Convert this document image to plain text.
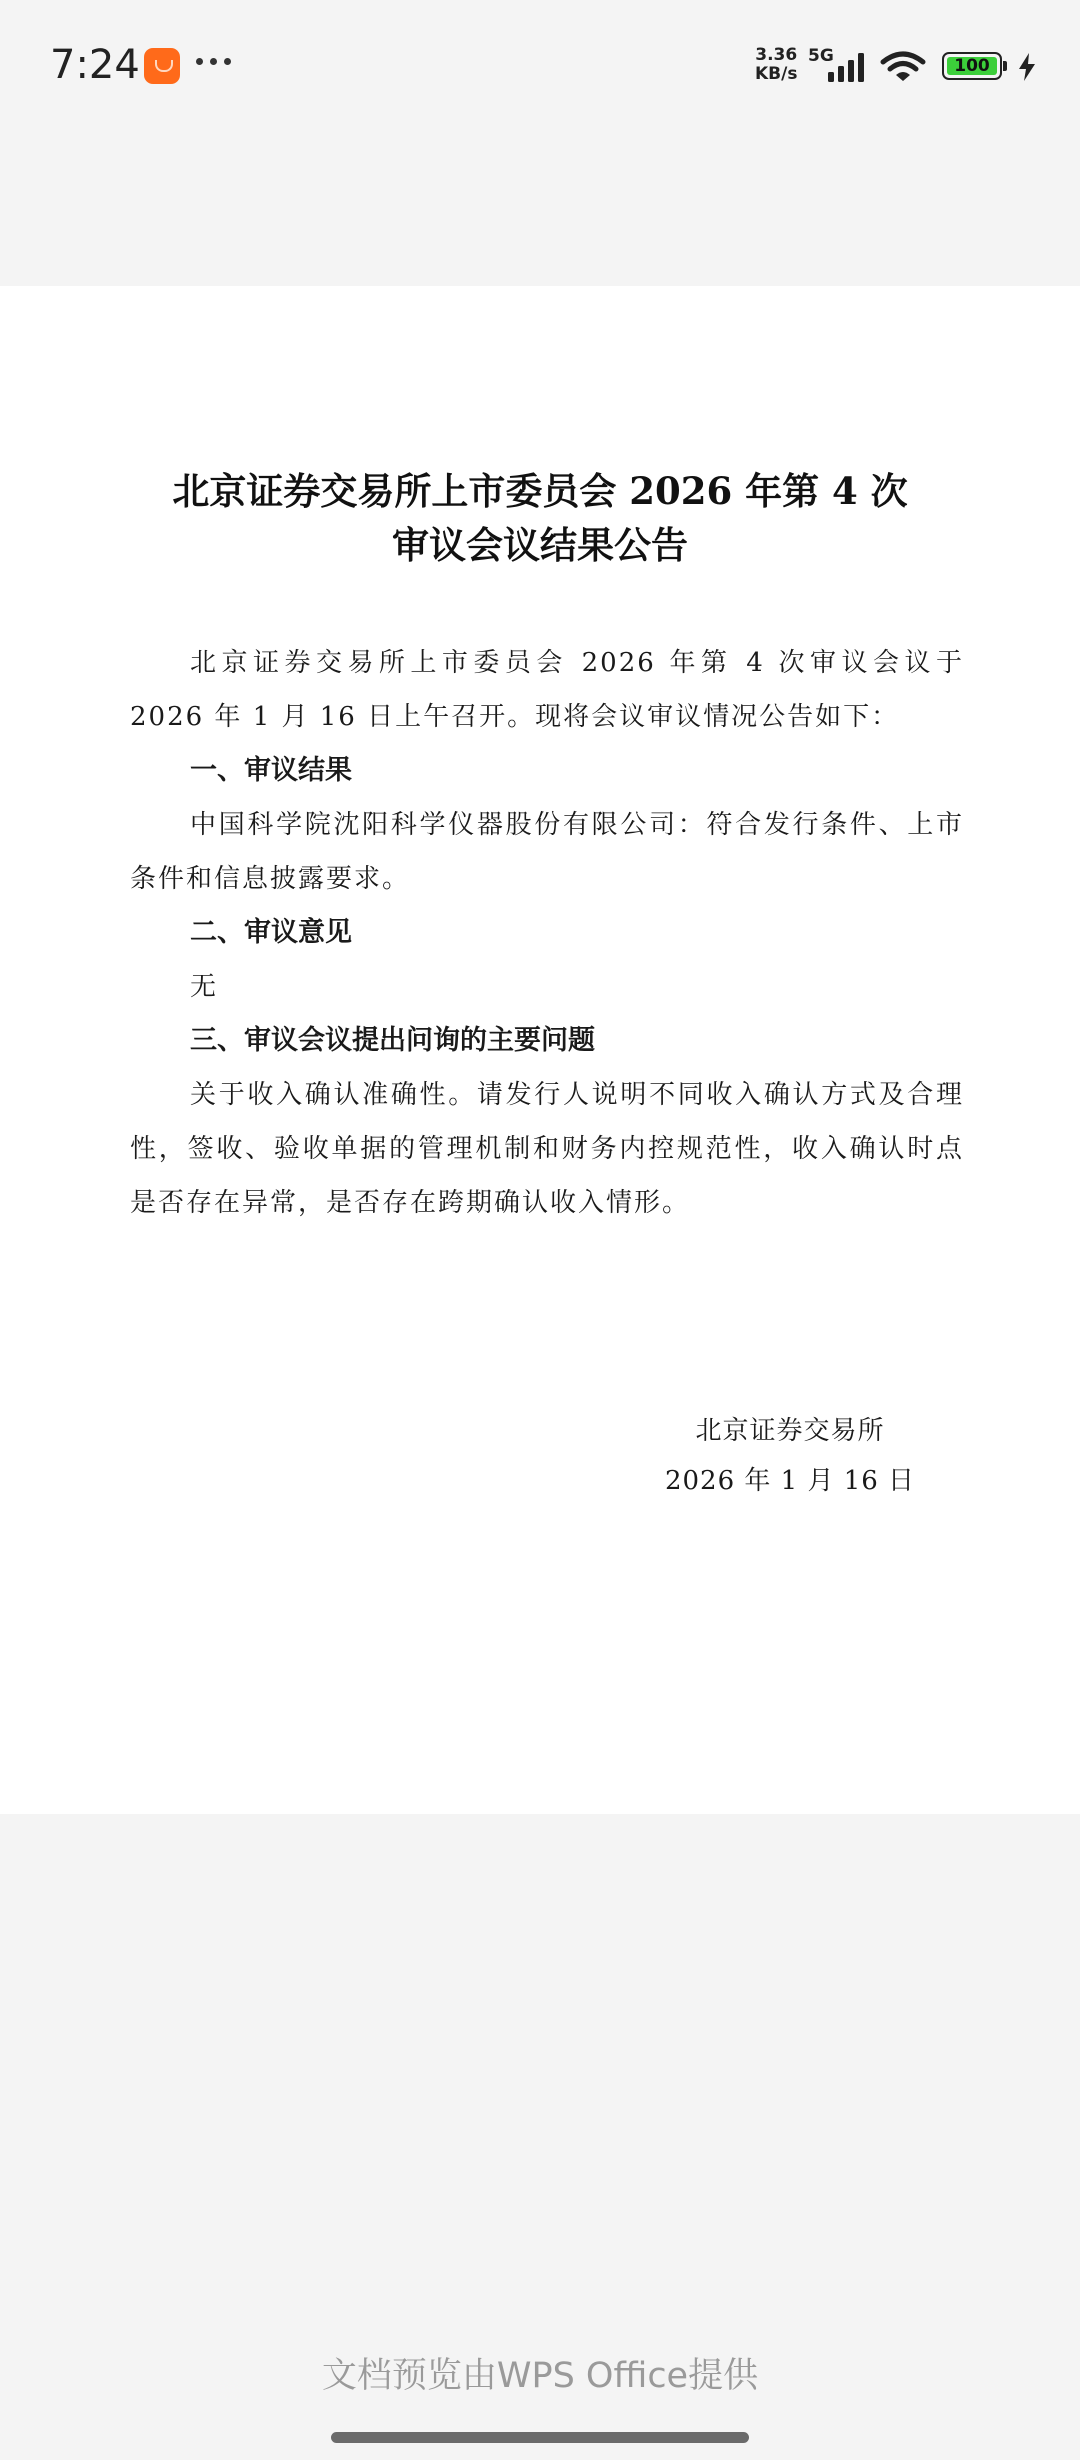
7:24	3.36
KB/s
5G	100
北京证券交易所上市委员会 2026 年第 4 次
审议会议结果公告

北京证券交易所上市委员会 2026 年第 4 次审议会议于 2026 年 1 月 16 日上午召开。现将会议审议情况公告如下：

一、审议结果

中国科学院沈阳科学仪器股份有限公司：符合发行条件、上市条件和信息披露要求。

二、审议意见

无

三、审议会议提出问询的主要问题

关于收入确认准确性。请发行人说明不同收入确认方式及合理性，签收、验收单据的管理机制和财务内控规范性，收入确认时点是否存在异常，是否存在跨期确认收入情形。

北京证券交易所
2026 年 1 月 16 日
文档预览由WPS Office提供
